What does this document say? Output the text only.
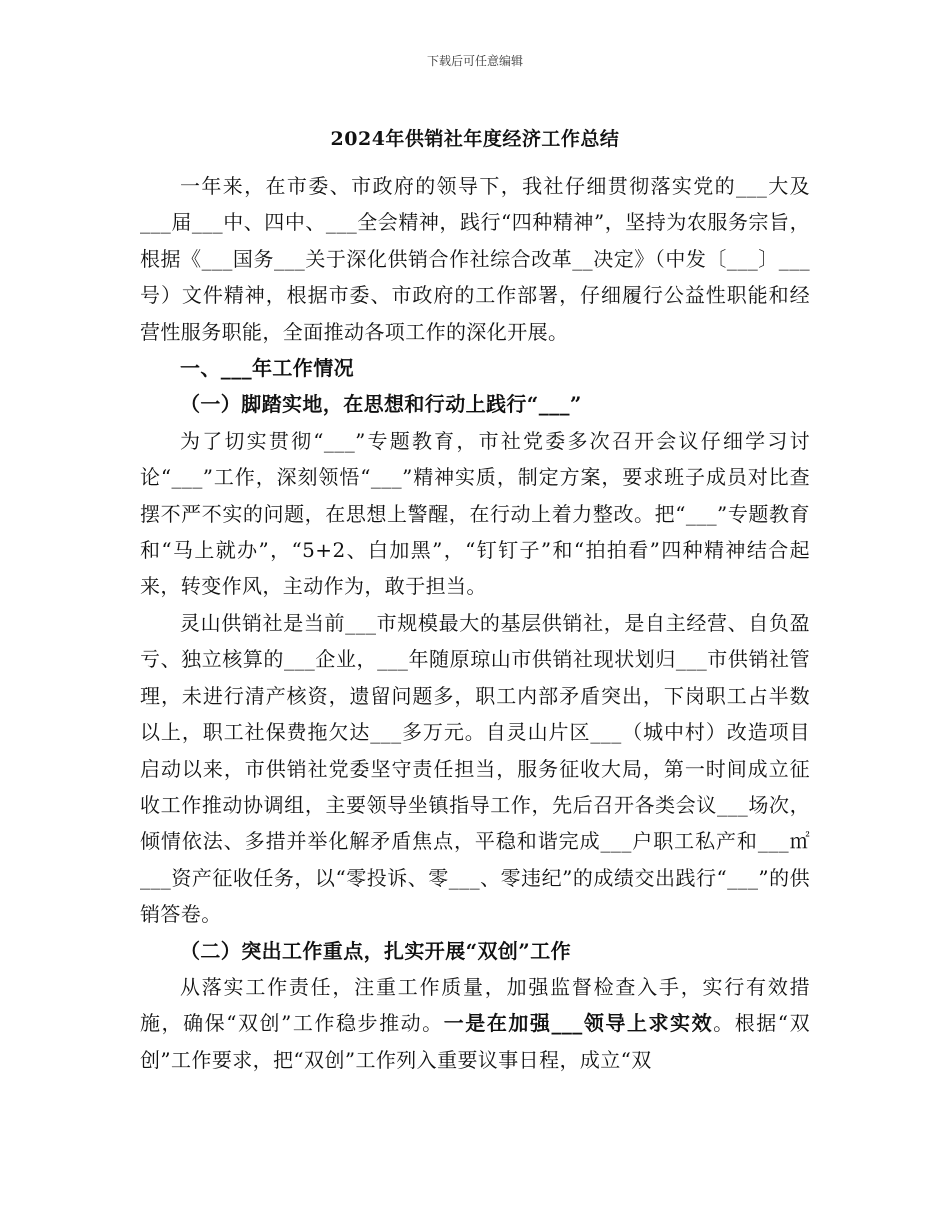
下载后可任意编辑
2024年供销社年度经济工作总结

一年来，在市委、市政府的领导下，我社仔细贯彻落实党的___大及___届___中、四中、___全会精神，践行“四种精神”，坚持为农服务宗旨，根据《___国务___关于深化供销合作社综合改革__决定》（中发〔___〕___号）文件精神，根据市委、市政府的工作部署，仔细履行公益性职能和经营性服务职能，全面推动各项工作的深化开展。

一、___年工作情况

（一）脚踏实地，在思想和行动上践行“___”

为了切实贯彻“___”专题教育，市社党委多次召开会议仔细学习讨论“___”工作，深刻领悟“___”精神实质，制定方案，要求班子成员对比查摆不严不实的问题，在思想上警醒，在行动上着力整改。把“___”专题教育和“马上就办”，“5+2、白加黑”，“钉钉子”和“拍拍看”四种精神结合起来，转变作风，主动作为，敢于担当。

灵山供销社是当前___市规模最大的基层供销社，是自主经营、自负盈亏、独立核算的___企业，___年随原琼山市供销社现状划归___市供销社管理，未进行清产核资，遗留问题多，职工内部矛盾突出，下岗职工占半数以上，职工社保费拖欠达___多万元。自灵山片区___（城中村）改造项目启动以来，市供销社党委坚守责任担当，服务征收大局，第一时间成立征收工作推动协调组，主要领导坐镇指导工作，先后召开各类会议___场次，倾情依法、多措并举化解矛盾焦点，平稳和谐完成___户职工私产和___㎡___资产征收任务，以“零投诉、零___、零违纪”的成绩交出践行“___”的供销答卷。

（二）突出工作重点，扎实开展“双创”工作

从落实工作责任，注重工作质量，加强监督检查入手，实行有效措施，确保“双创”工作稳步推动。一是在加强___领导上求实效。根据“双创”工作要求，把“双创”工作列入重要议事日程，成立“双
